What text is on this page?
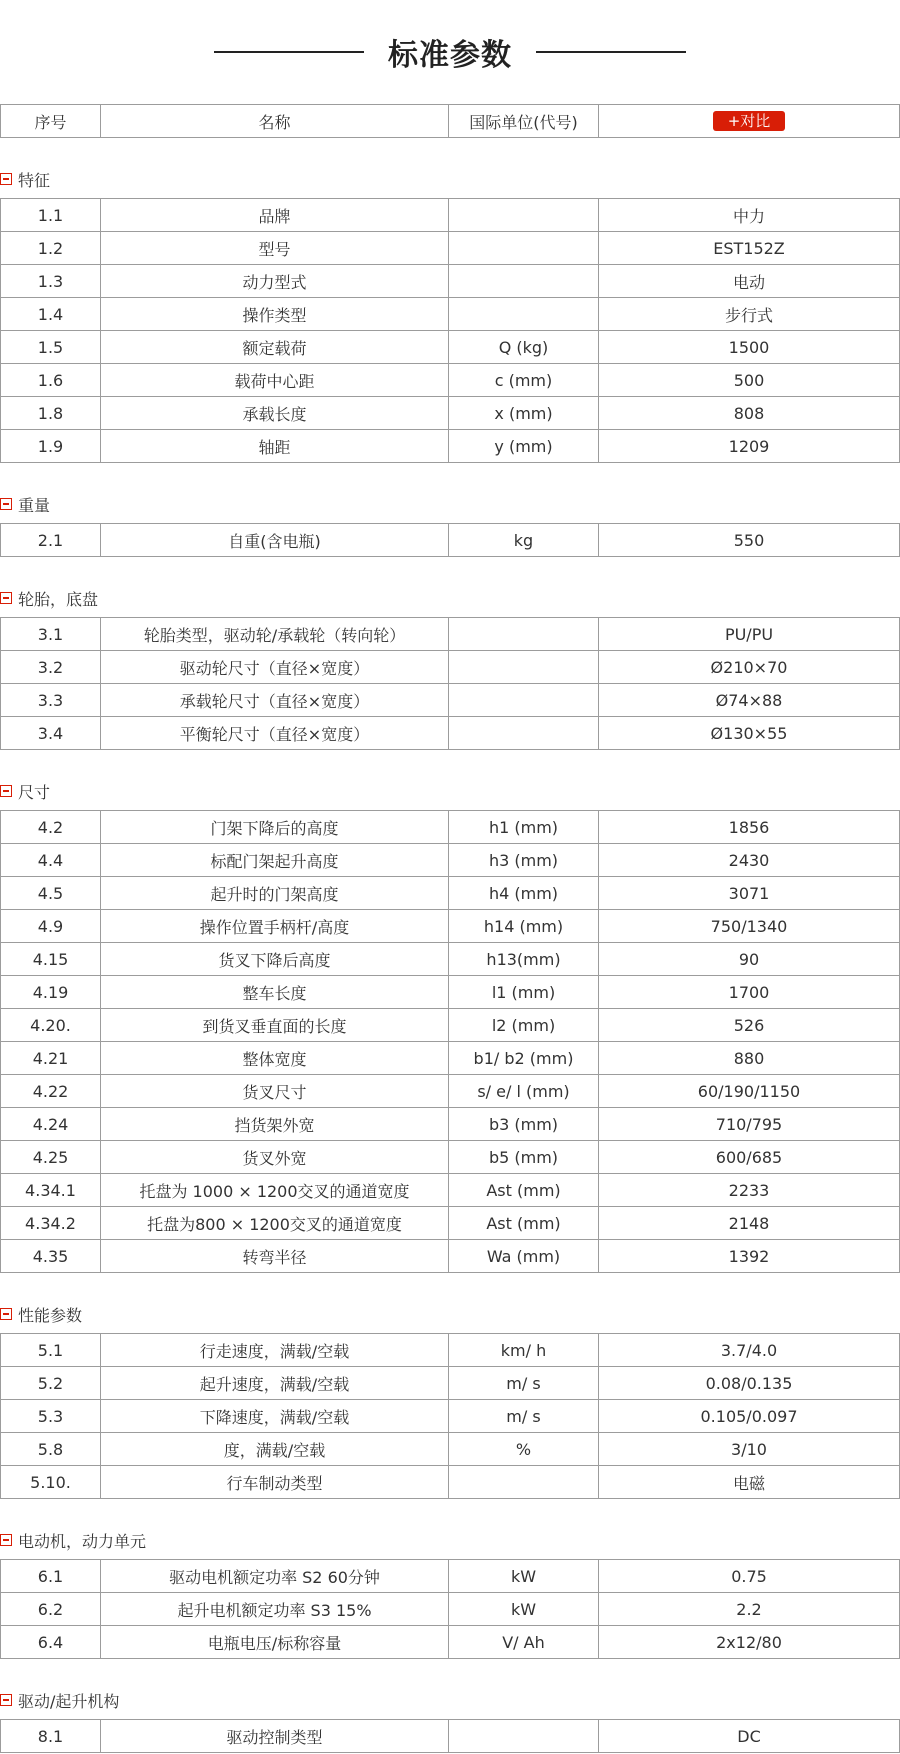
标准参数
序号	名称	国际单位(代号)	+对比
特征
1.1	品牌		中力
1.2	型号		EST152Z
1.3	动力型式		电动
1.4	操作类型		步行式
1.5	额定载荷	Q (kg)	1500
1.6	载荷中心距	c (mm)	500
1.8	承载长度	x (mm)	808
1.9	轴距	y (mm)	1209
重量
2.1	自重(含电瓶)	kg	550
轮胎，底盘
3.1	轮胎类型，驱动轮/承载轮（转向轮）		PU/PU
3.2	驱动轮尺寸（直径×宽度）		Ø210×70
3.3	承载轮尺寸（直径×宽度）		Ø74×88
3.4	平衡轮尺寸（直径×宽度）		Ø130×55
尺寸
4.2	门架下降后的高度	h1 (mm)	1856
4.4	标配门架起升高度	h3 (mm)	2430
4.5	起升时的门架高度	h4 (mm)	3071
4.9	操作位置手柄杆/高度	h14 (mm)	750/1340
4.15	货叉下降后高度	h13(mm)	90
4.19	整车长度	l1 (mm)	1700
4.20.	到货叉垂直面的长度	l2 (mm)	526
4.21	整体宽度	b1/ b2 (mm)	880
4.22	货叉尺寸	s/ e/ l (mm)	60/190/1150
4.24	挡货架外宽	b3 (mm)	710/795
4.25	货叉外宽	b5 (mm)	600/685
4.34.1	托盘为 1000 × 1200交叉的通道宽度	Ast (mm)	2233
4.34.2	托盘为800 × 1200交叉的通道宽度	Ast (mm)	2148
4.35	转弯半径	Wa (mm)	1392
性能参数
5.1	行走速度，满载/空载	km/ h	3.7/4.0
5.2	起升速度，满载/空载	m/ s	0.08/0.135
5.3	下降速度，满载/空载	m/ s	0.105/0.097
5.8	度，满载/空载	%	3/10
5.10.	行车制动类型		电磁
电动机，动力单元
6.1	驱动电机额定功率 S2 60分钟	kW	0.75
6.2	起升电机额定功率 S3 15%	kW	2.2
6.4	电瓶电压/标称容量	V/ Ah	2x12/80
驱动/起升机构
8.1	驱动控制类型		DC
